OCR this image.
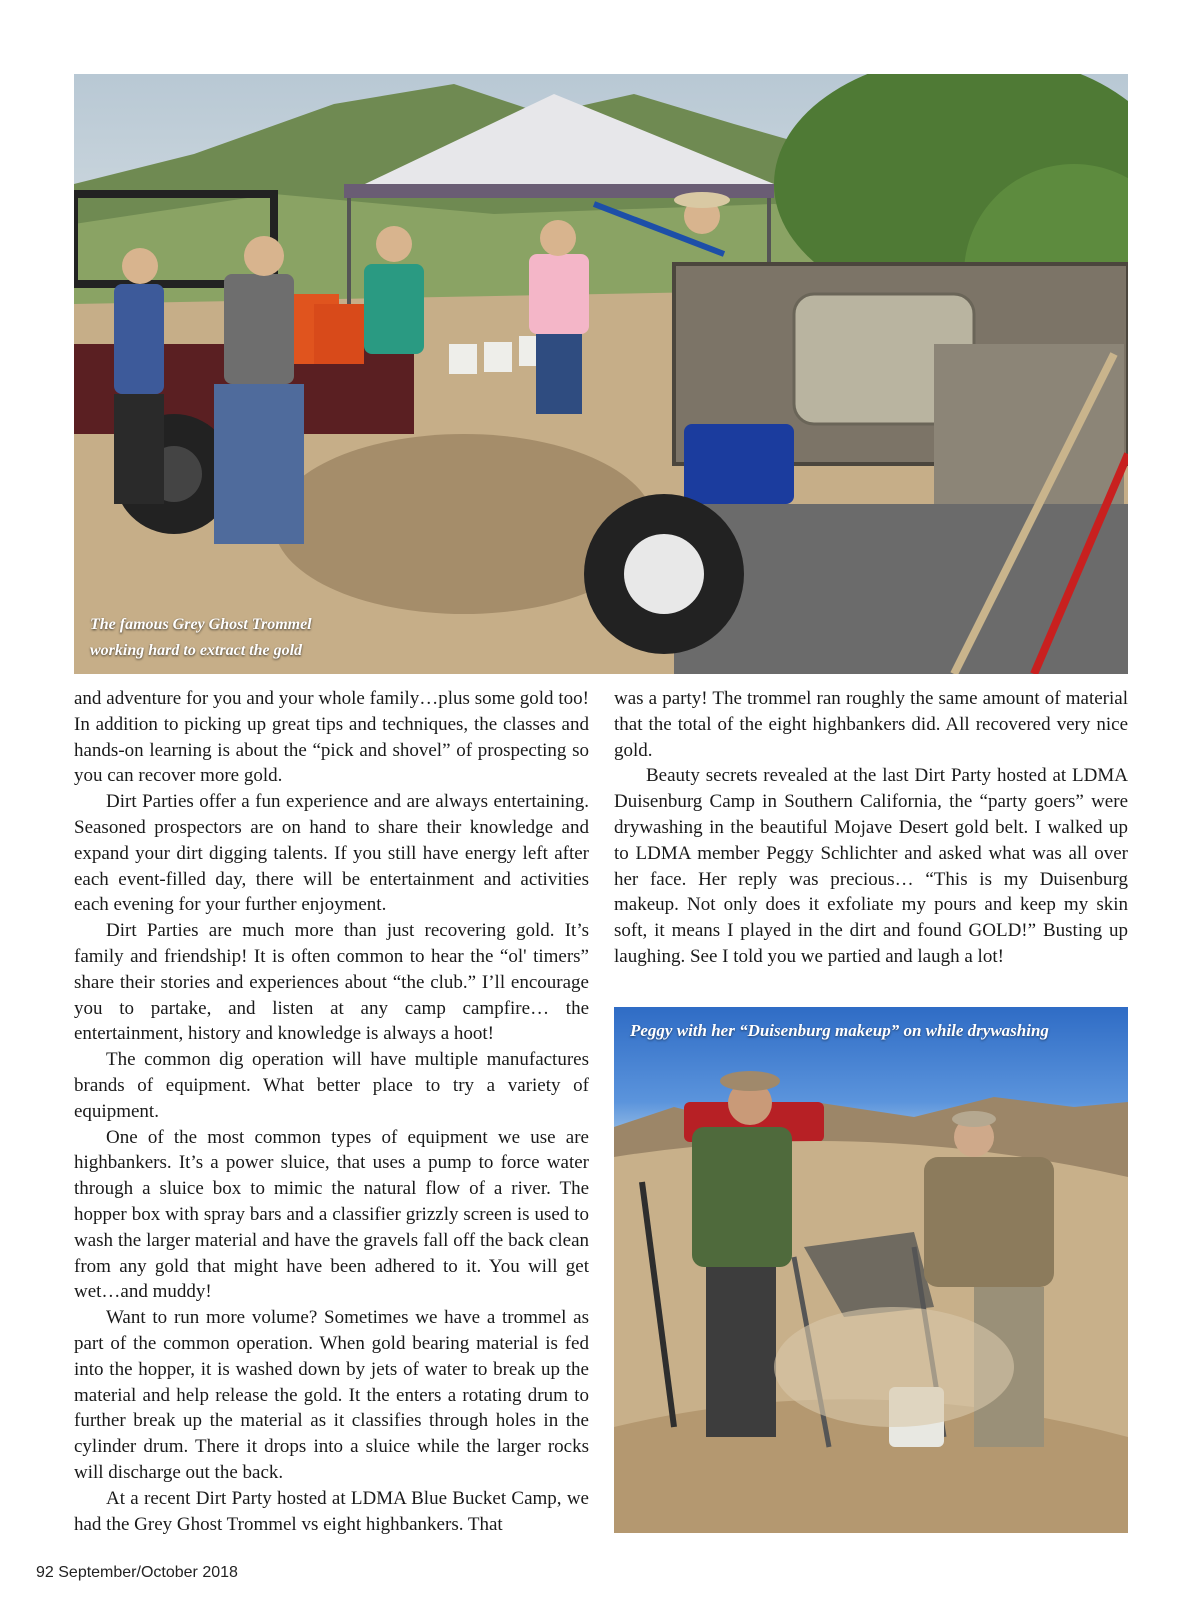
The famous Grey Ghost Trommel
working hard to extract the gold

and adventure for you and your whole family…plus some gold too! In addition to picking up great tips and techniques, the classes and hands-on learning is about the “pick and shovel” of prospecting so you can recover more gold.

Dirt Parties offer a fun experience and are always entertaining. Seasoned prospectors are on hand to share their knowledge and expand your dirt digging talents. If you still have energy left after each event-filled day, there will be entertainment and activities each evening for your further enjoyment.

Dirt Parties are much more than just recovering gold. It’s family and friendship! It is often common to hear the “ol' timers” share their stories and experiences about “the club.” I’ll encourage you to partake, and listen at any camp campfire… the entertainment, history and knowledge is always a hoot!

The common dig operation will have multiple manufactures brands of equipment. What better place to try a variety of equipment.

One of the most common types of equipment we use are highbankers. It’s a power sluice, that uses a pump to force water through a sluice box to mimic the natural flow of a river. The hopper box with spray bars and a classifier grizzly screen is used to wash the larger material and have the gravels fall off the back clean from any gold that might have been adhered to it. You will get wet…and muddy!

Want to run more volume? Sometimes we have a trommel as part of the common operation. When gold bearing material is fed into the hopper, it is washed down by jets of water to break up the material and help release the gold. It the enters a rotating drum to further break up the material as it classifies through holes in the cylinder drum. There it drops into a sluice while the larger rocks will discharge out the back.

At a recent Dirt Party hosted at LDMA Blue Bucket Camp, we had the Grey Ghost Trommel vs eight highbankers. That

was a party! The trommel ran roughly the same amount of material that the total of the eight highbankers did. All recovered very nice gold.

Beauty secrets revealed at the last Dirt Party hosted at LDMA Duisenburg Camp in Southern California, the “party goers” were drywashing in the beautiful Mojave Desert gold belt. I walked up to LDMA member Peggy Schlichter and asked what was all over her face. Her reply was precious… “This is my Duisenburg makeup. Not only does it exfoliate my pours and keep my skin soft, it means I played in the dirt and found GOLD!” Busting up laughing. See I told you we partied and laugh a lot!

Peggy with her “Duisenburg makeup” on while drywashing
92 September/October 2018
